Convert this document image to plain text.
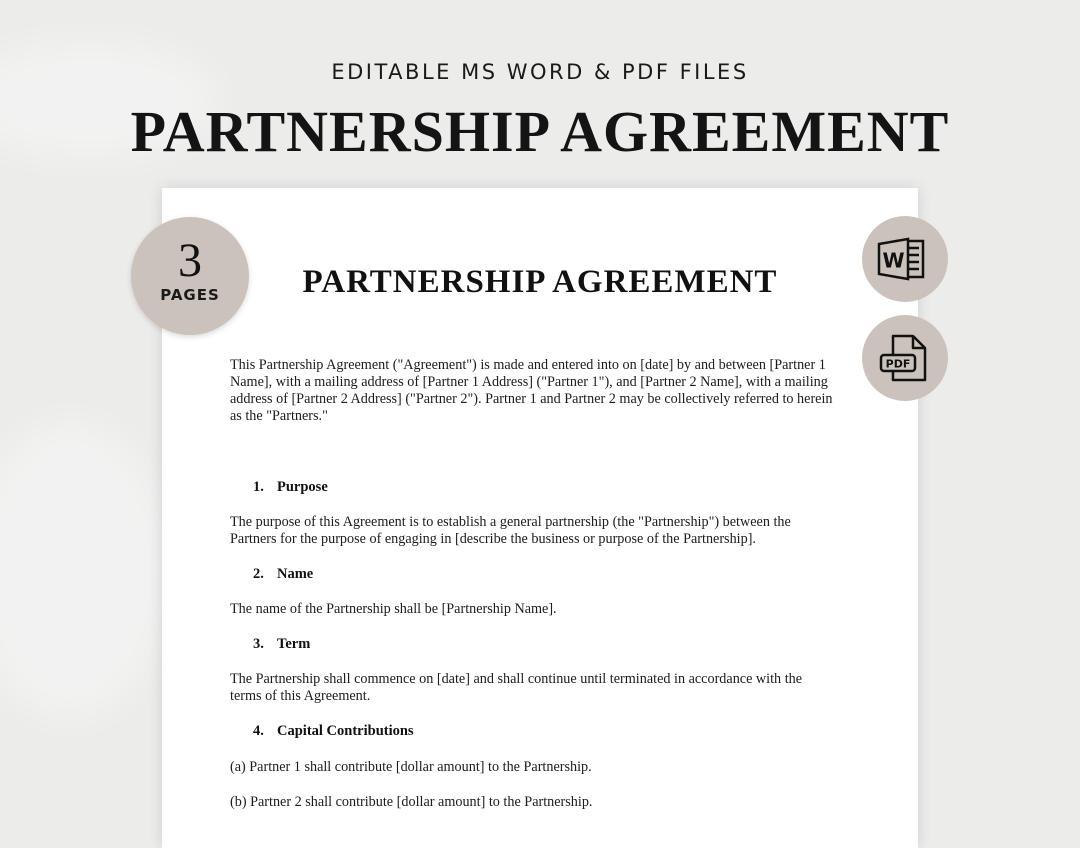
EDITABLE MS WORD & PDF FILES
PARTNERSHIP AGREEMENT
PARTNERSHIP AGREEMENT
This Partnership Agreement ("Agreement") is made and entered into on [date] by and between [Partner 1
Name], with a mailing address of [Partner 1 Address] ("Partner 1"), and [Partner 2 Name], with a mailing
address of [Partner 2 Address] ("Partner 2"). Partner 1 and Partner 2 may be collectively referred to herein
as the "Partners."
1. Purpose
The purpose of this Agreement is to establish a general partnership (the "Partnership") between the
Partners for the purpose of engaging in [describe the business or purpose of the Partnership].
2. Name
The name of the Partnership shall be [Partnership Name].
3. Term
The Partnership shall commence on [date] and shall continue until terminated in accordance with the
terms of this Agreement.
4. Capital Contributions
(a) Partner 1 shall contribute [dollar amount] to the Partnership.
(b) Partner 2 shall contribute [dollar amount] to the Partnership.
3
PAGES
W
PDF
